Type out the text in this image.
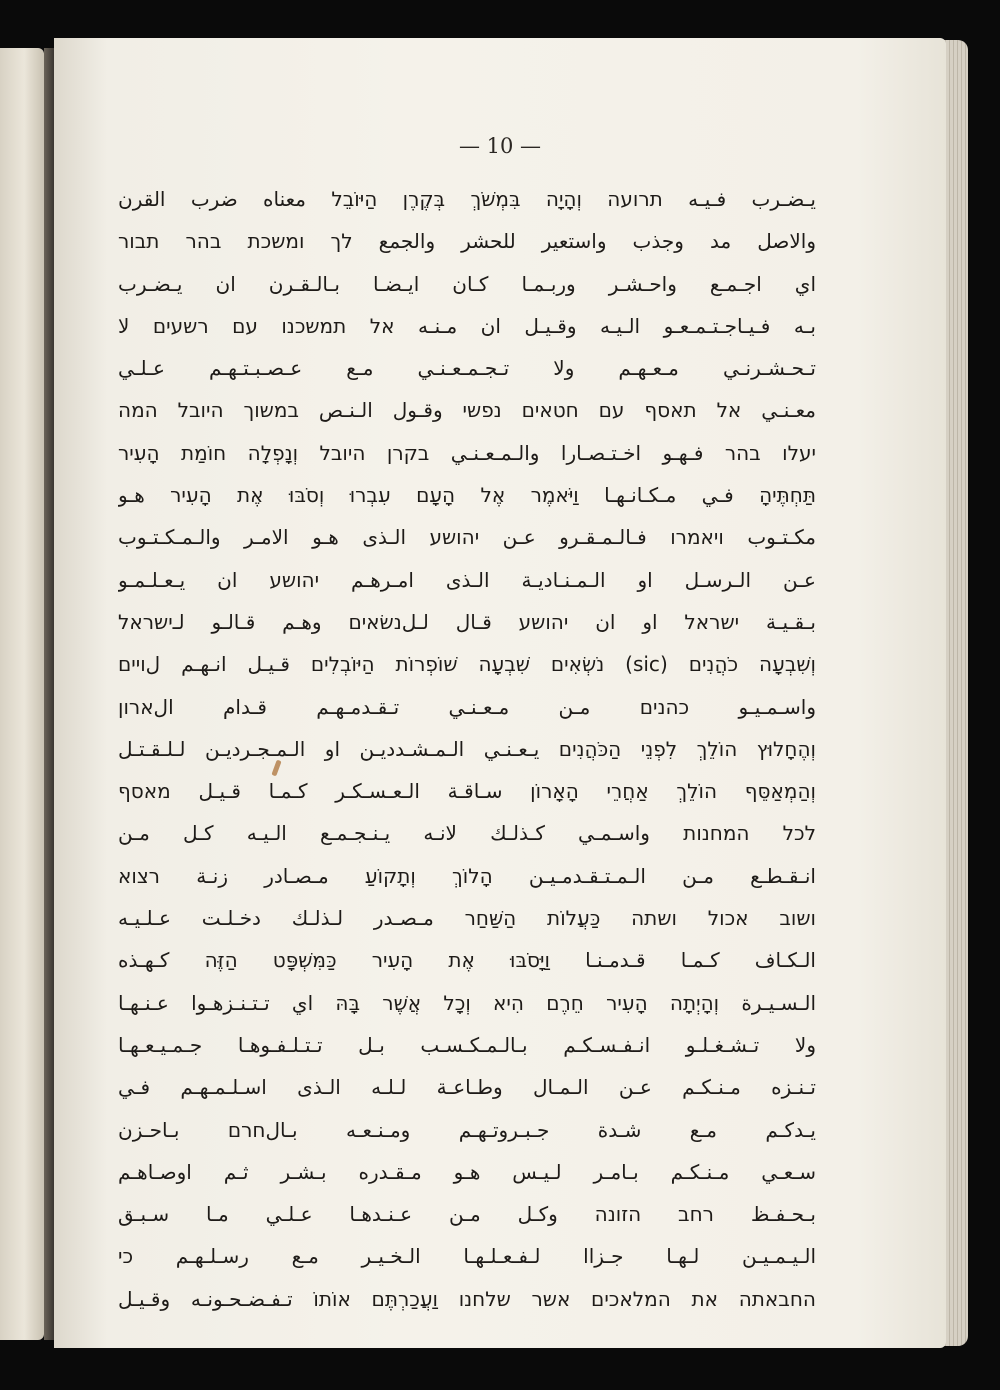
— 10 —
يـضـرب فـيـه תרועה וְהָיָה בִּמְשֹׁךְ בְּקֶרֶן הַיּוֹבֵל معناه ضرب القرن
والاصل مد وجذب واستعير للحشر والجمع לך ומשכת בהר תבור
اي اجـمـع واحـشـر وربـمـا كـان ايـضـا بـالـقـرن ان يـضـرب
بـه فـيـاجـتـمـعـو الـيـه وقـيـل ان مـنـه אל תמשכנו עם רשעים لا
تـحـشـرنـي مـعـهـم ولا تـجـمـعـنـي مـع عـصـبـتـهـم عـلـي
معـنـي אל תאסף עם חטאים נפשי وقـول الـنـص במשוך היובל המה
יעלו בהר فـهـو اخـتـصـارا والـمـعـنـي בקרן היובל וְנָפְלָה חוֹמַת הָעִיר
תַּחְתֶּיהָ فـي مـكـانـهـا וַיֹּאמֶר אֶל הָעָם עִבְרוּ וְסֹבּוּ אֶת הָעִיר هـو
مكـتـوب ויאמרו فـالـمـقـرو عـن יהושע الـذى هـو الامـر والـمـكـتـوب
عـن الـرسـل او الـمـنـاديـة الـذى امـرهـم יהושע ان يـعـلـمـو
بـقـيـة ישראל او ان יהושע قـال لـلנשׂאים وهـم قـالـو لـישראל
וְשִׁבְעָה כֹהֲנִים (sic) נֹשְׂאִים שִׁבְעָה שׁוֹפְרוֹת הַיּוֹבְלִים قـيـل انـهـم لויים
واسـمـيـو כהנים مـن مـعـنـي تـقـدمـهـم قـدام الארון
וְהֶחָלוּץ הוֹלֵךְ לִפְנֵי הַכֹּהֲנִים يـعـنـي الـمـشـدديـن او الـمـجـرديـن لـلـقـتـل
וְהַמְאַסֵּף הוֹלֵךְ אַחֲרֵי הָאָרוֹן سـاقـة الـعـسـكـر كـمـا قـيـل מאסף
לכל המחנות واسـمـي كـذلـك لانـه يـنـجـمـع الـيـه كـل مـن
انـقـطـع مـن الـمـتـقـدمـيـن הָלוֹךְ וְתָקוֹעַ مـصـادر زنـة רצוא
ושוב אכול ושתה כַּעֲלוֹת הַשַּׁחַר مـصـدر لـذلـك دخـلـت عـلـيـه
الـكـاف كـمـا قـدمـنـا וַיָּסֹבּוּ אֶת הָעִיר כַּמִּשְׁפָּט הַזֶּה كـهـذه
الـسـيـرة וְהָיְתָה הָעִיר חֵרֶם הִיא וְכָל אֲשֶׁר בָּהּ اي تـتـنـزهـوا عـنـهـا
ولا تـشـغـلـو انـفـسـكـم بـالـمـكـسـب بـل تـتـلـفـوهـا جـمـيـعـهـا
تـنـزه مـنـكـم عـن الـمـال وطـاعـة لـلـه الـذى اسـلـمـهـم فـي
يـدكـم مـع شـدة جـبـروتـهـم ومـنـعـه بـالחרם بـاحـزن
سـعـي مـنـكـم بـامـر لـيـس هـو مـقـدره بـشـر ثـم اوصـاهـم
بـحـفـظ רחב הזונה وكـل مـن عـنـدهـا عـلـي مـا سـبـق
الـيـمـيـن لـهـا جـزاا لـفـعـلـهـا الـخـيـر مـع رسـلـهـم כי
החבאתה את המלאכים אשר שלחנו וַעֲכַרְתֶּם אוֹתוֹ تـفـضـحـونـه وقـيـل
